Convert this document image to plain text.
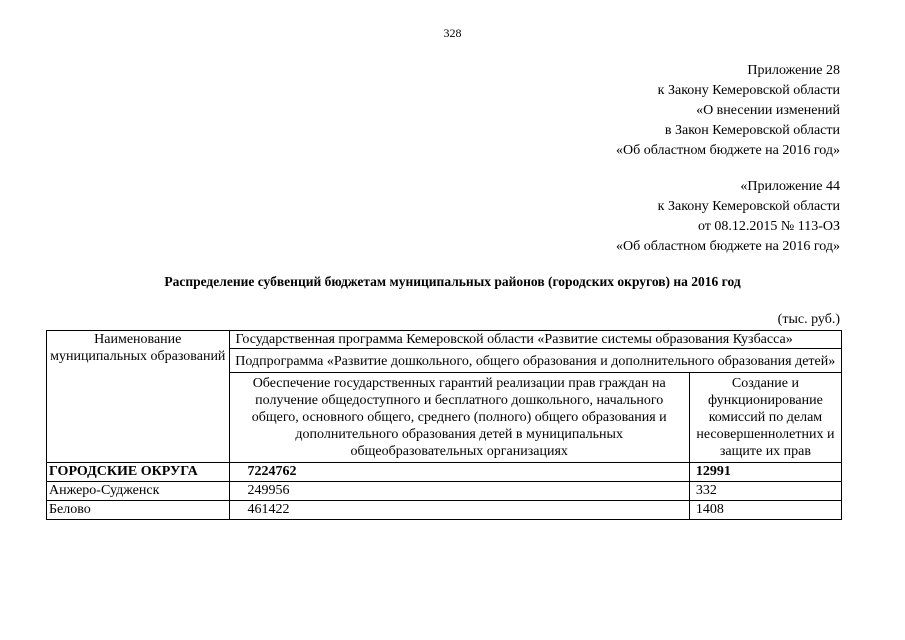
328
Приложение 28
к Закону Кемеровской области
«О внесении изменений
в Закон Кемеровской области
«Об областном бюджете на 2016 год»
«Приложение 44
к Закону Кемеровской области
от 08.12.2015 № 113-ОЗ
«Об областном бюджете на 2016 год»
Распределение субвенций бюджетам муниципальных районов (городских округов) на 2016 год
(тыс. руб.)
Наименование муниципальных образований	Государственная программа Кемеровской области «Развитие системы образования Кузбасса»	
	Подпрограмма «Развитие дошкольного, общего образования и дополнительного образования детей»	
	Обеспечение государственных гарантий реализации прав граждан на получение общедоступного и бесплатного дошкольного, начального общего, основного общего, среднего (полного) общего образования и дополнительного образования детей в муниципальных общеобразовательных организациях	Создание и функционирование комиссий по делам несовершеннолетних и защите их прав
ГОРОДСКИЕ ОКРУГА	7224762	12991
Анжеро-Судженск	249956	332
Белово	461422	1408
